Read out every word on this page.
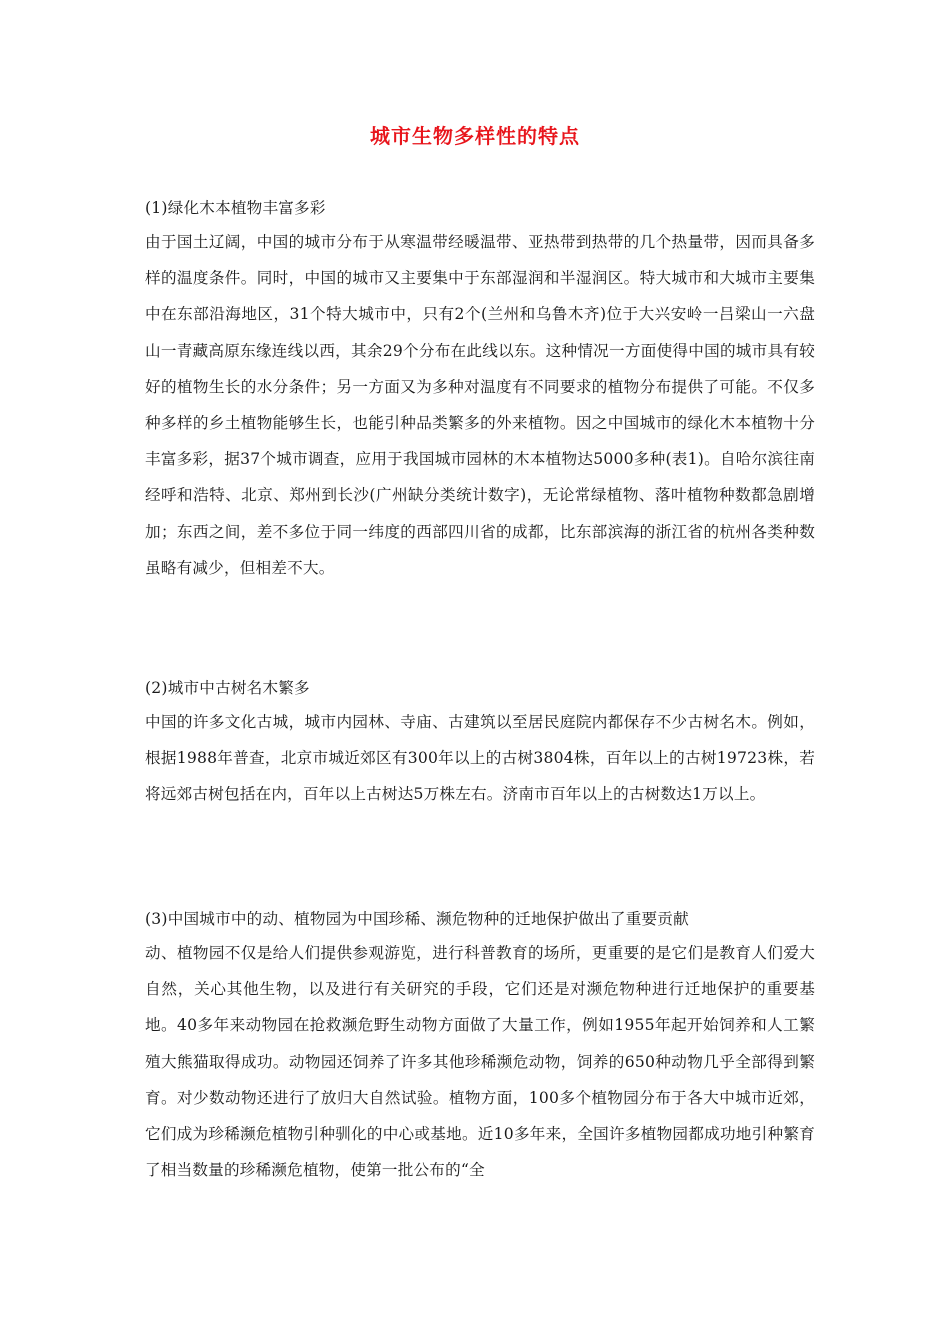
城市生物多样性的特点
(1)绿化木本植物丰富多彩

由于国土辽阔，中国的城市分布于从寒温带经暖温带、亚热带到热带的几个热量带，因而具备多样的温度条件。同时，中国的城市又主要集中于东部湿润和半湿润区。特大城市和大城市主要集中在东部沿海地区，31个特大城市中，只有2个(兰州和乌鲁木齐)位于大兴安岭一吕梁山一六盘山一青藏高原东缘连线以西，其余29个分布在此线以东。这种情况一方面使得中国的城市具有较好的植物生长的水分条件；另一方面又为多种对温度有不同要求的植物分布提供了可能。不仅多种多样的乡土植物能够生长，也能引种品类繁多的外来植物。因之中国城市的绿化木本植物十分丰富多彩，据37个城市调查，应用于我国城市园林的木本植物达5000多种(表1)。自哈尔滨往南经呼和浩特、北京、郑州到长沙(广州缺分类统计数字)，无论常绿植物、落叶植物种数都急剧增加；东西之间，差不多位于同一纬度的西部四川省的成都，比东部滨海的浙江省的杭州各类种数虽略有减少，但相差不大。

(2)城市中古树名木繁多

中国的许多文化古城，城市内园林、寺庙、古建筑以至居民庭院内都保存不少古树名木。例如，根据1988年普查，北京市城近郊区有300年以上的古树3804株，百年以上的古树19723株，若将远郊古树包括在内，百年以上古树达5万株左右。济南市百年以上的古树数达1万以上。

(3)中国城市中的动、植物园为中国珍稀、濒危物种的迁地保护做出了重要贡献

动、植物园不仅是给人们提供参观游览，进行科普教育的场所，更重要的是它们是教育人们爱大自然，关心其他生物，以及进行有关研究的手段，它们还是对濒危物种进行迁地保护的重要基地。40多年来动物园在抢救濒危野生动物方面做了大量工作，例如1955年起开始饲养和人工繁殖大熊猫取得成功。动物园还饲养了许多其他珍稀濒危动物，饲养的650种动物几乎全部得到繁育。对少数动物还进行了放归大自然试验。植物方面，100多个植物园分布于各大中城市近郊，它们成为珍稀濒危植物引种驯化的中心或基地。近10多年来，全国许多植物园都成功地引种繁育了相当数量的珍稀濒危植物，使第一批公布的“全
